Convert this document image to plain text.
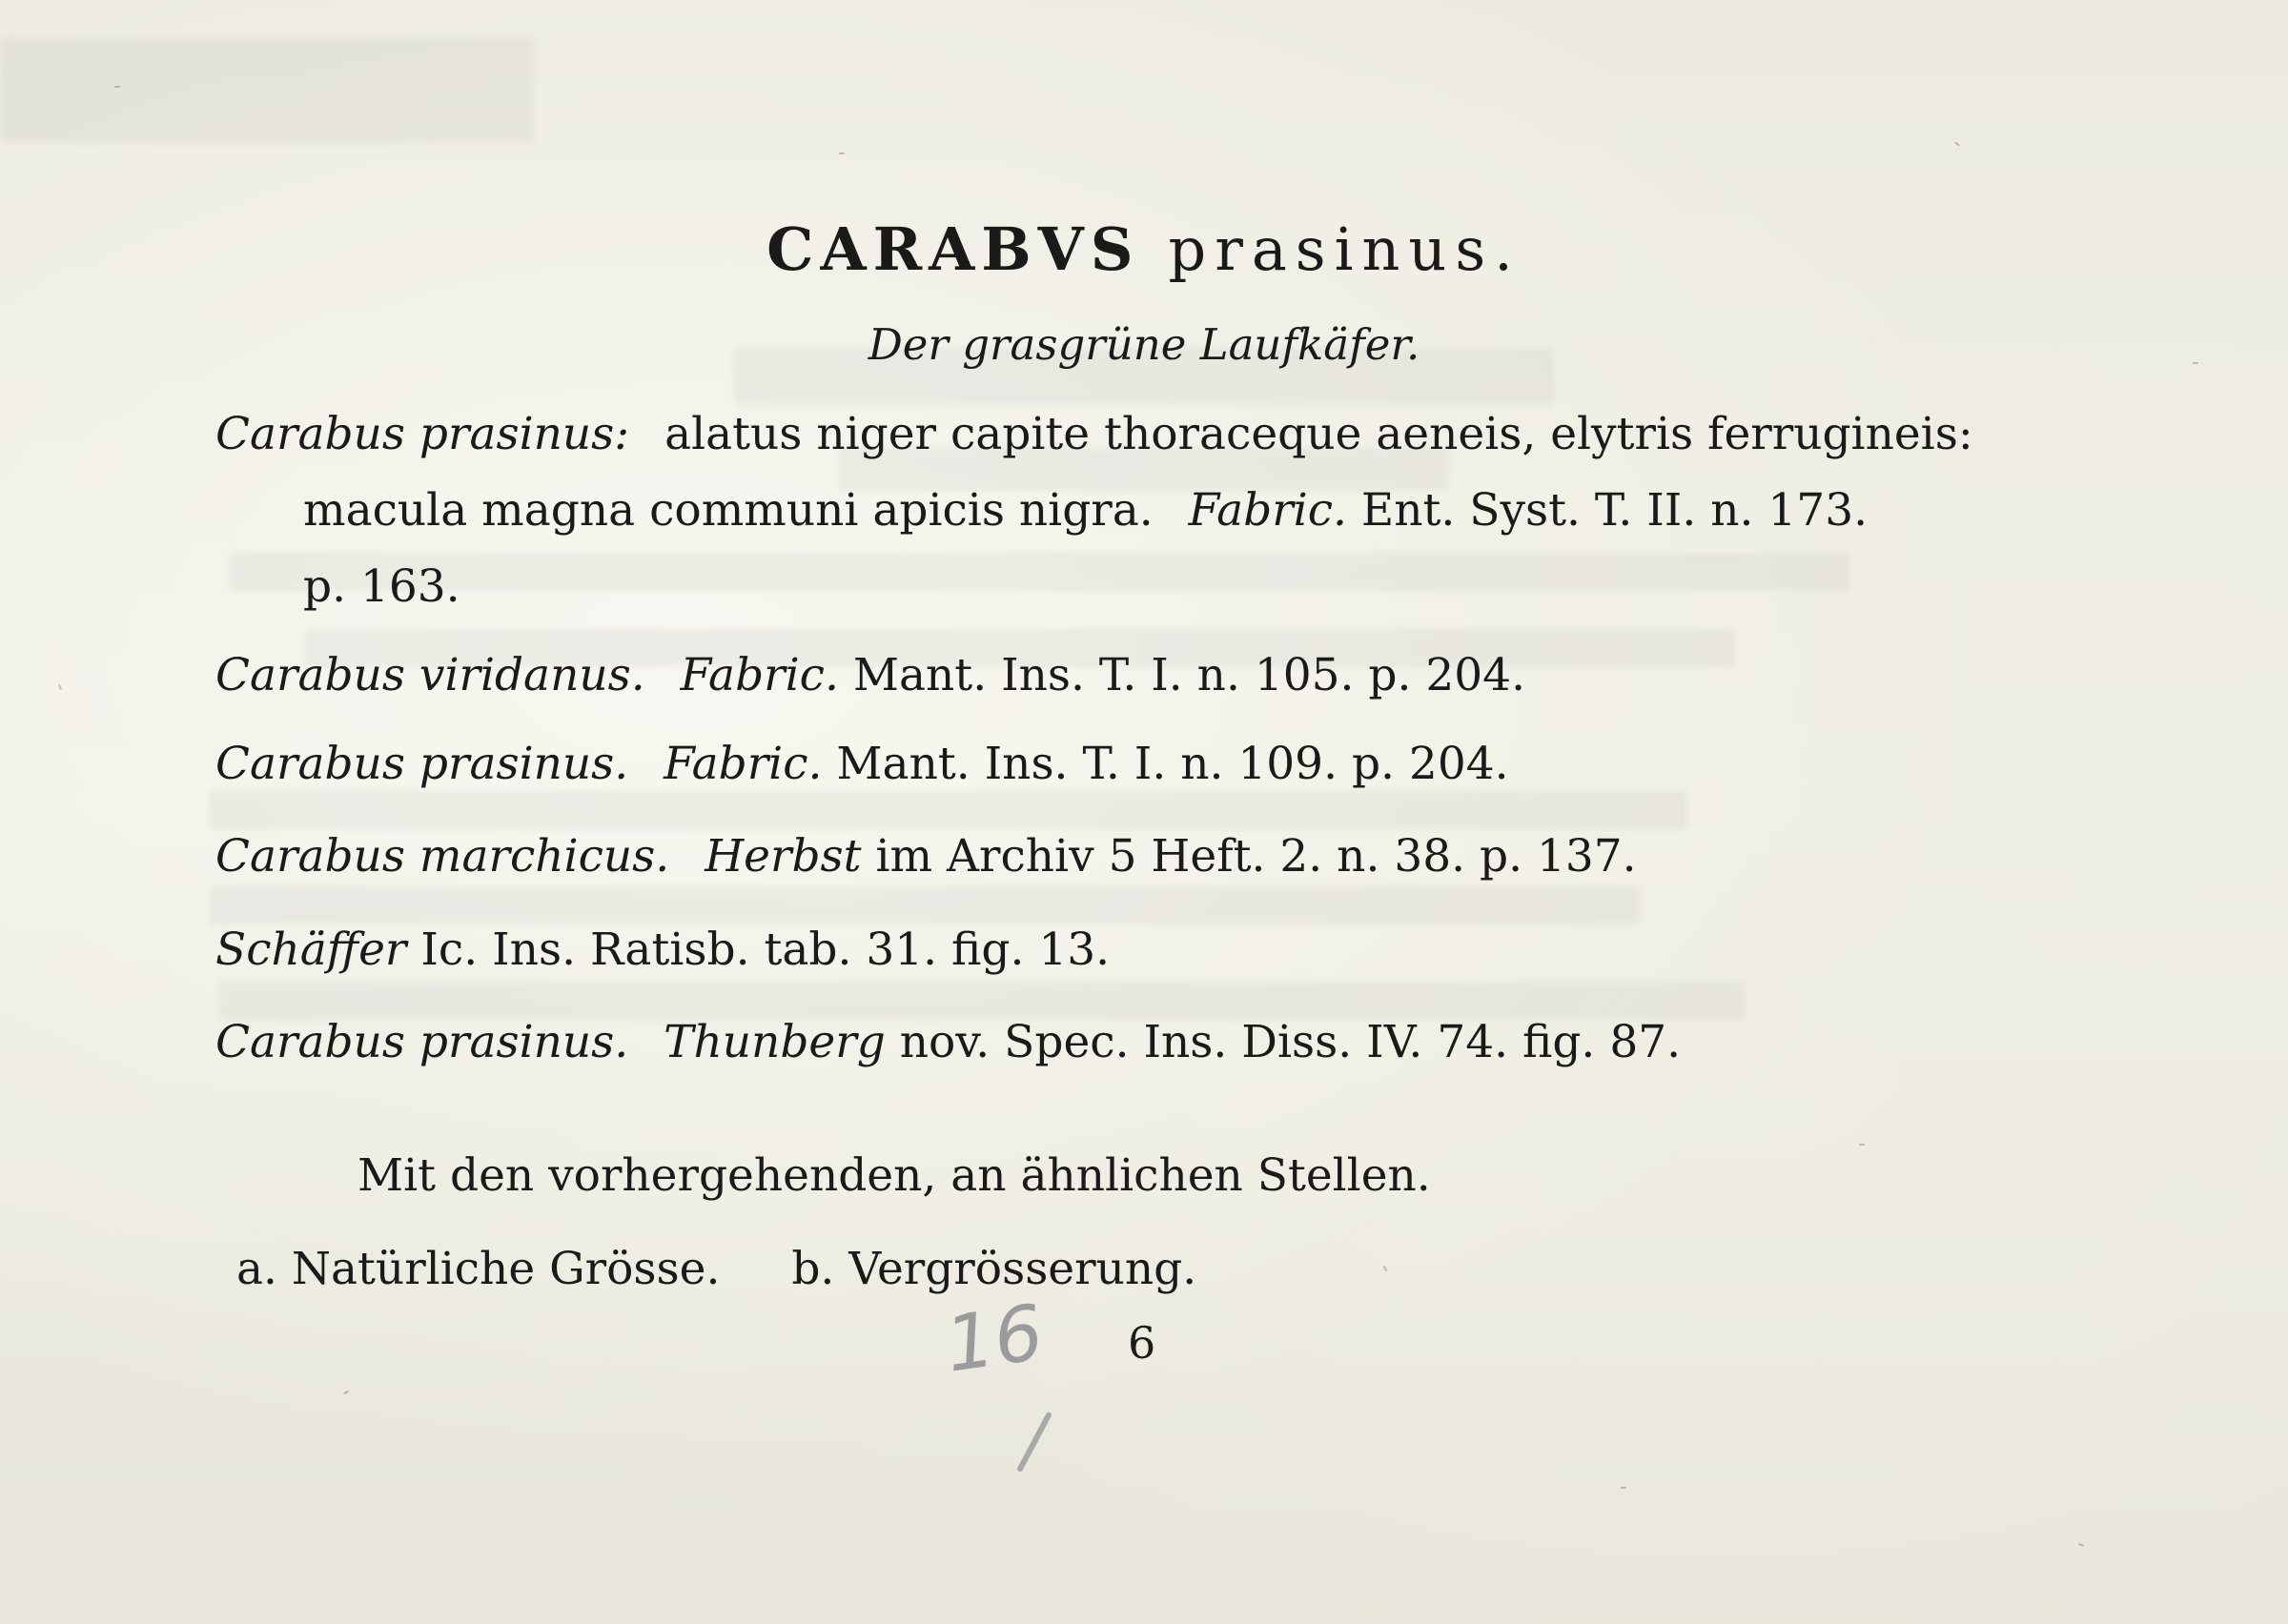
CARABVS prasinus.
Der grasgrüne Laufkäfer.
Carabus prasinus: alatus niger capite thoraceque aeneis, elytris ferrugineis:
macula magna communi apicis nigra. Fabric. Ent. Syst. T. II. n. 173.
p. 163.
Carabus viridanus. Fabric. Mant. Ins. T. I. n. 105. p. 204.
Carabus prasinus. Fabric. Mant. Ins. T. I. n. 109. p. 204.
Carabus marchicus. Herbst im Archiv 5 Heft. 2. n. 38. p. 137.
Schäffer Ic. Ins. Ratisb. tab. 31. fig. 13.
Carabus prasinus. Thunberg nov. Spec. Ins. Diss. IV. 74. fig. 87.
Mit den vorhergehenden, an ähnlichen Stellen.
a. Natürliche Grösse. b. Vergrösserung.
16 6
